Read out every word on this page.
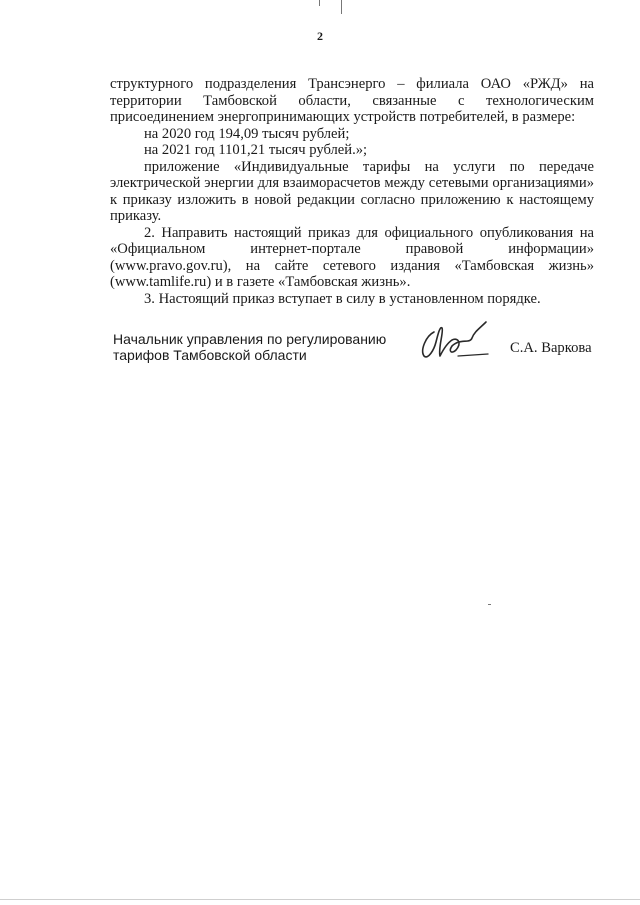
2

структурного подразделения Трансэнерго – филиала ОАО «РЖД» на территории Тамбовской области, связанные с технологическим присоединением энергопринимающих устройств потребителей, в размере:

на 2020 год 194,09 тысяч рублей;

на 2021 год 1101,21 тысяч рублей.»;

приложение «Индивидуальные тарифы на услуги по передаче электрической энергии для взаиморасчетов между сетевыми организациями» к приказу изложить в новой редакции согласно приложению к настоящему приказу.

2. Направить настоящий приказ для официального опубликования на «Официальном интернет-портале правовой информации» (www.pravo.gov.ru), на сайте сетевого издания «Тамбовская жизнь» (www.tamlife.ru) и в газете «Тамбовская жизнь».

3. Настоящий приказ вступает в силу в установленном порядке.

Начальник управления по регулированию
тарифов Тамбовской области	С.А. Варкова
